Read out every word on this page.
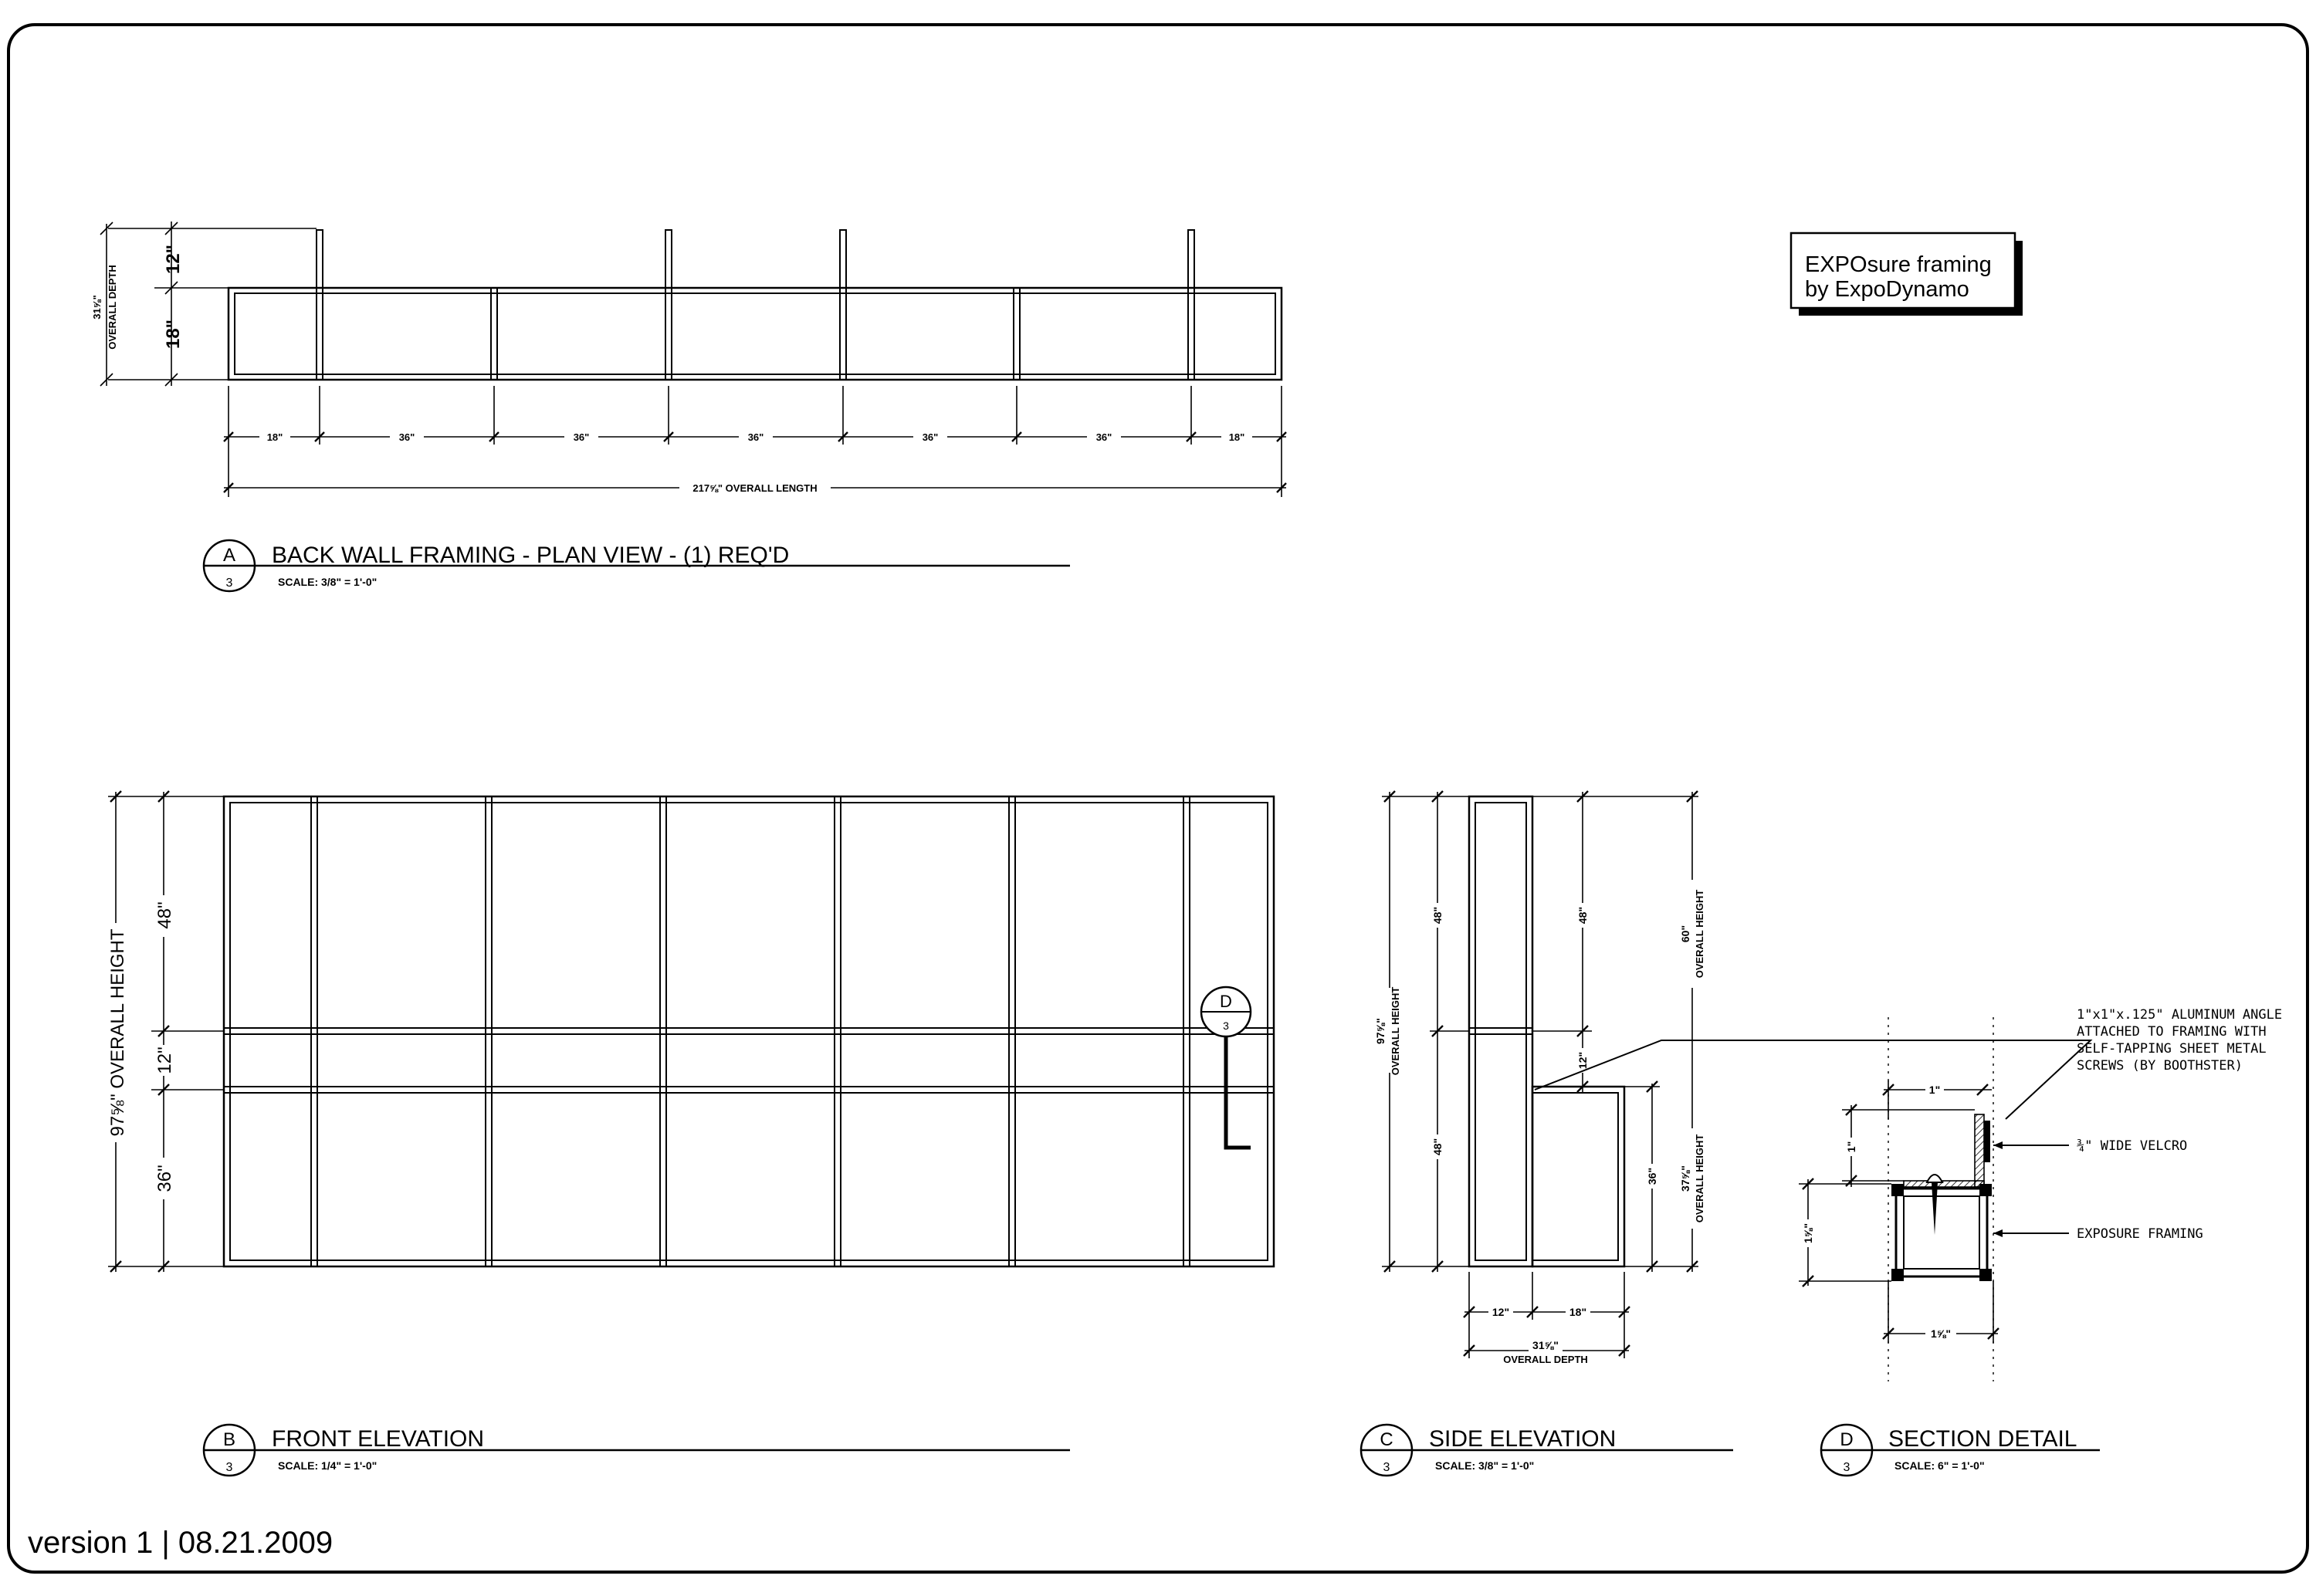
12"
18"
31⅝" OVERALL DEPTH
18"	36"	36"	36"	36"	36"	18"
217⅝" OVERALL LENGTH
A
3
BACK WALL FRAMING - PLAN VIEW - (1) REQ'D
SCALE: 3/8" = 1'-0"
EXPOsure framing
by ExpoDynamo
97⅝" OVERALL HEIGHT
48"
12"
36"
D
3
B
3
FRONT ELEVATION
SCALE: 1/4" = 1'-0"
97⅝" OVERALL HEIGHT
48"
48"
48"
12"
36"
60" OVERALL HEIGHT
37⅝" OVERALL HEIGHT
12"	18"
31⅝"
OVERALL DEPTH
C
3
SIDE ELEVATION
SCALE: 3/8" = 1'-0"
1"
1"
1⅝"
1⅝"
1"x1"x.125" ALUMINUM ANGLE
ATTACHED TO FRAMING WITH
SELF-TAPPING SHEET METAL
SCREWS (BY BOOTHSTER)
¾" WIDE VELCRO
EXPOSURE FRAMING
D
3
SECTION DETAIL
SCALE: 6" = 1'-0"
version 1 | 08.21.2009
